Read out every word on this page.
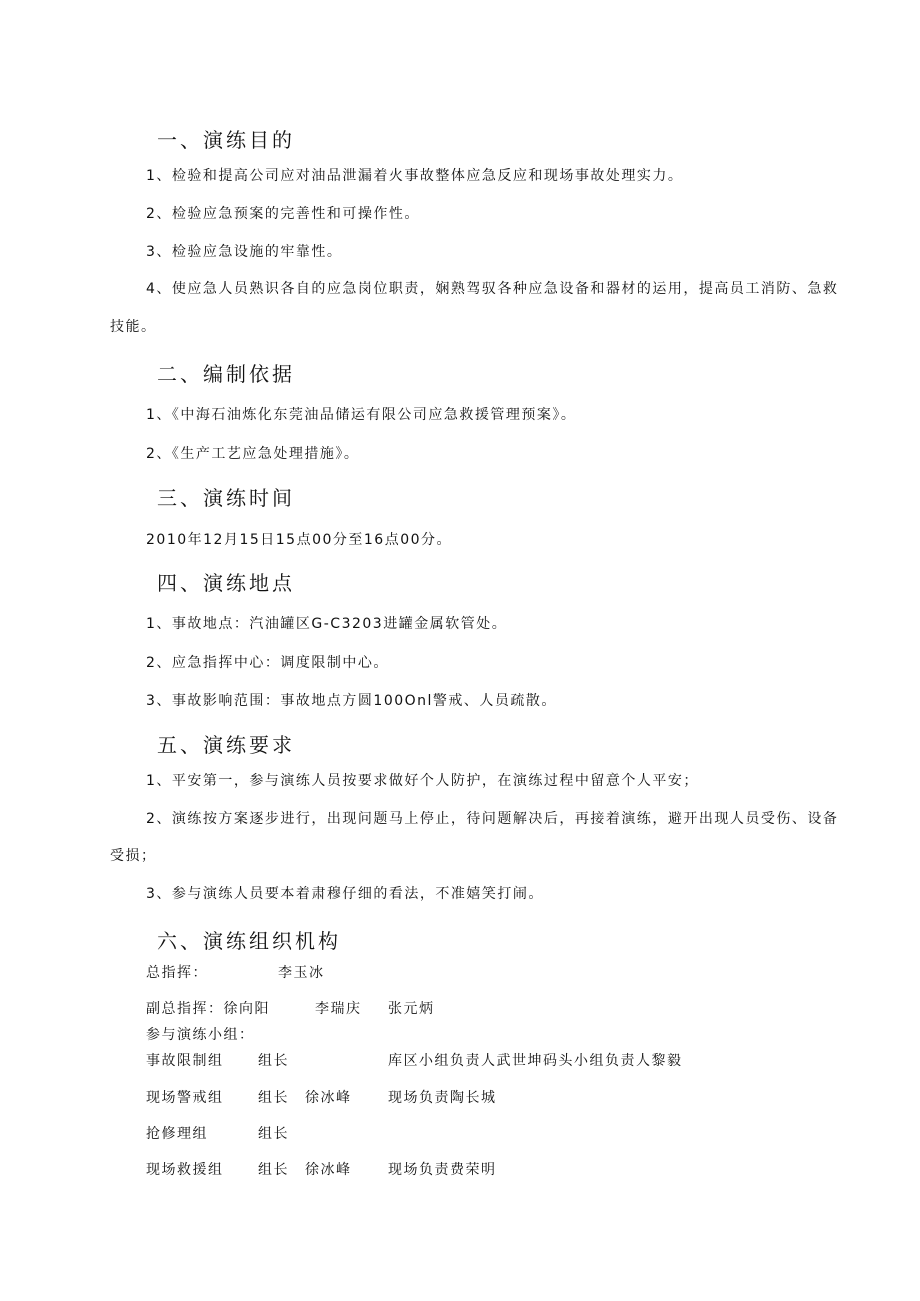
一、演练目的
1、检验和提高公司应对油品泄漏着火事故整体应急反应和现场事故处理实力。
2、检验应急预案的完善性和可操作性。
3、检验应急设施的牢靠性。
4、使应急人员熟识各自的应急岗位职责，娴熟驾驭各种应急设备和器材的运用，提高员工消防、急救
技能。
二、编制依据
1、《中海石油炼化东莞油品储运有限公司应急救援管理预案》。
2、《生产工艺应急处理措施》。
三、演练时间
2010年12月15日15点00分至16点00分。
四、演练地点
1、事故地点：汽油罐区G-C3203进罐金属软管处。
2、应急指挥中心：调度限制中心。
3、事故影响范围：事故地点方圆100Onl警戒、人员疏散。
五、演练要求
1、平安第一，参与演练人员按要求做好个人防护，在演练过程中留意个人平安；
2、演练按方案逐步进行，出现问题马上停止，待问题解决后，再接着演练，避开出现人员受伤、设备
受损；
3、参与演练人员要本着肃穆仔细的看法，不准嬉笑打闹。
六、演练组织机构
总指挥：	李玉冰
副总指挥：徐向阳	李瑞庆 张元炳
参与演练小组：
事故限制组 组长	库区小组负责人武世坤码头小组负责人黎毅
现场警戒组 组长 徐冰峰	现场负责陶长城
抢修理组	组长
现场救援组 组长 徐冰峰	现场负责费荣明
